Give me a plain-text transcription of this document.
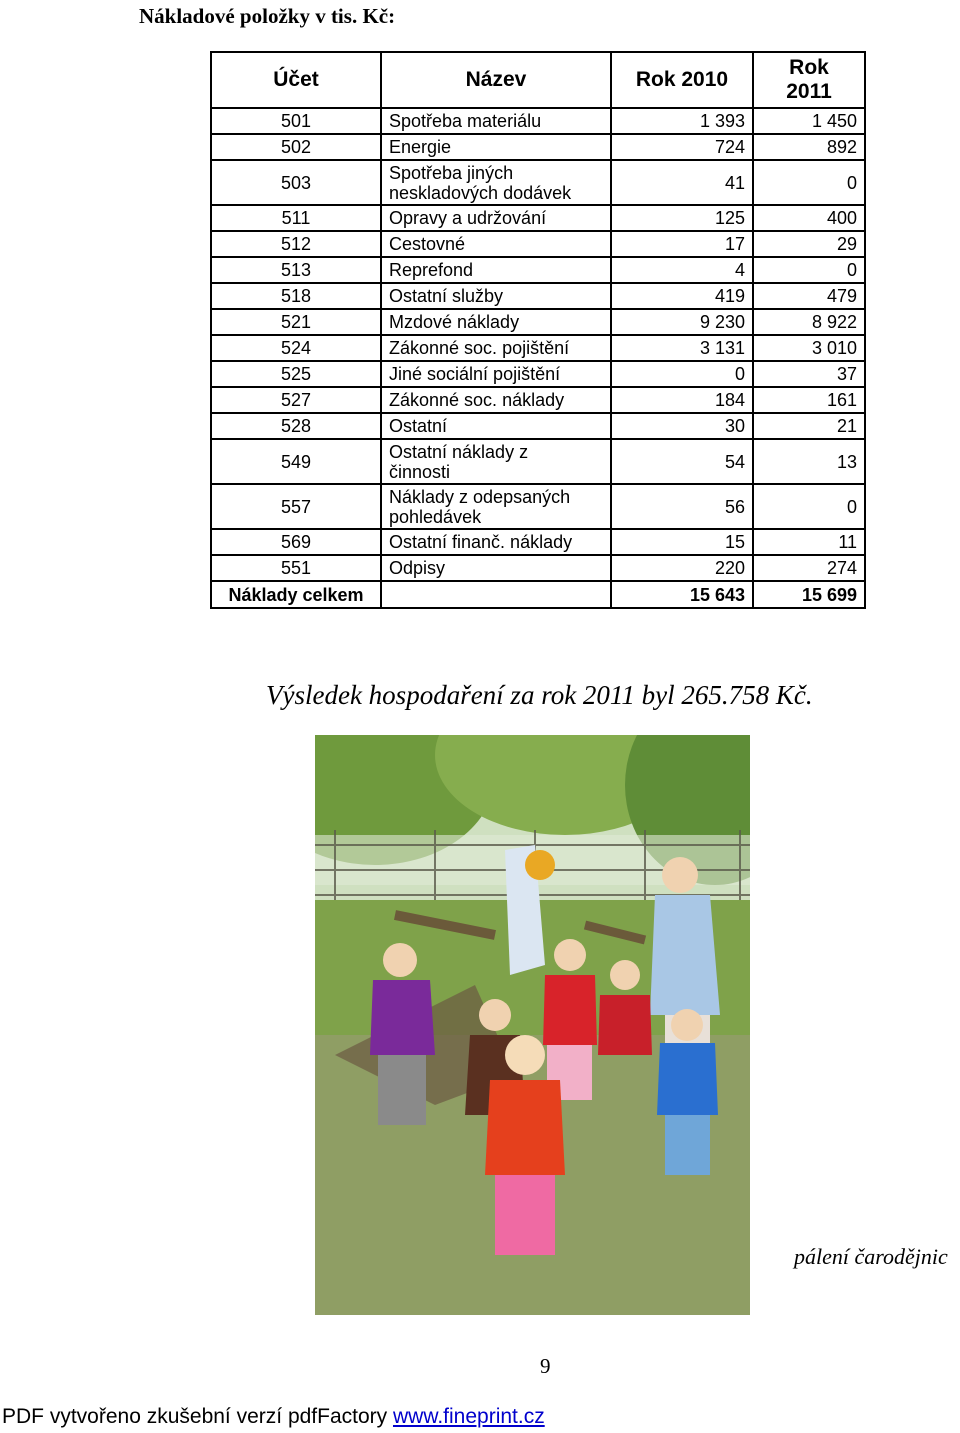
Nákladové položky v tis. Kč:
Účet	Název	Rok 2010	Rok
2011
501	Spotřeba materiálu	1 393	1 450
502	Energie	724	892
503	Spotřeba jiných
neskladových dodávek	41	0
511	Opravy a udržování	125	400
512	Cestovné	17	29
513	Reprefond	4	0
518	Ostatní služby	419	479
521	Mzdové náklady	9 230	8 922
524	Zákonné soc. pojištění	3 131	3 010
525	Jiné sociální pojištění	0	37
527	Zákonné soc. náklady	184	161
528	Ostatní	30	21
549	Ostatní náklady z
činnosti	54	13
557	Náklady z odepsaných
pohledávek	56	0
569	Ostatní finanč. náklady	15	11
551	Odpisy	220	274
Náklady celkem		15 643	15 699
Výsledek hospodaření za rok 2011 byl 265.758 Kč.
pálení čarodějnic
9
PDF vytvořeno zkušební verzí pdfFactory www.fineprint.cz
